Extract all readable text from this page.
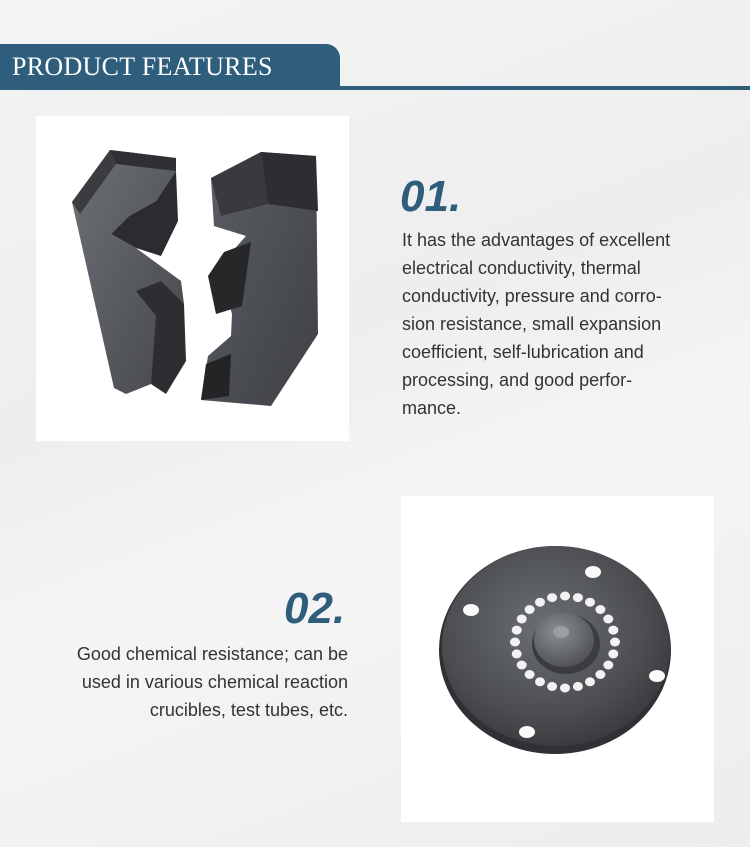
PRODUCT FEATURES
01.
It has the advantages of excellent
electrical conductivity, thermal
conductivity, pressure and corro-
sion resistance, small expansion
coefficient, self-lubrication and
processing, and good perfor-
mance.
02.
Good chemical resistance; can be
used in various chemical reaction
crucibles, test tubes, etc.
